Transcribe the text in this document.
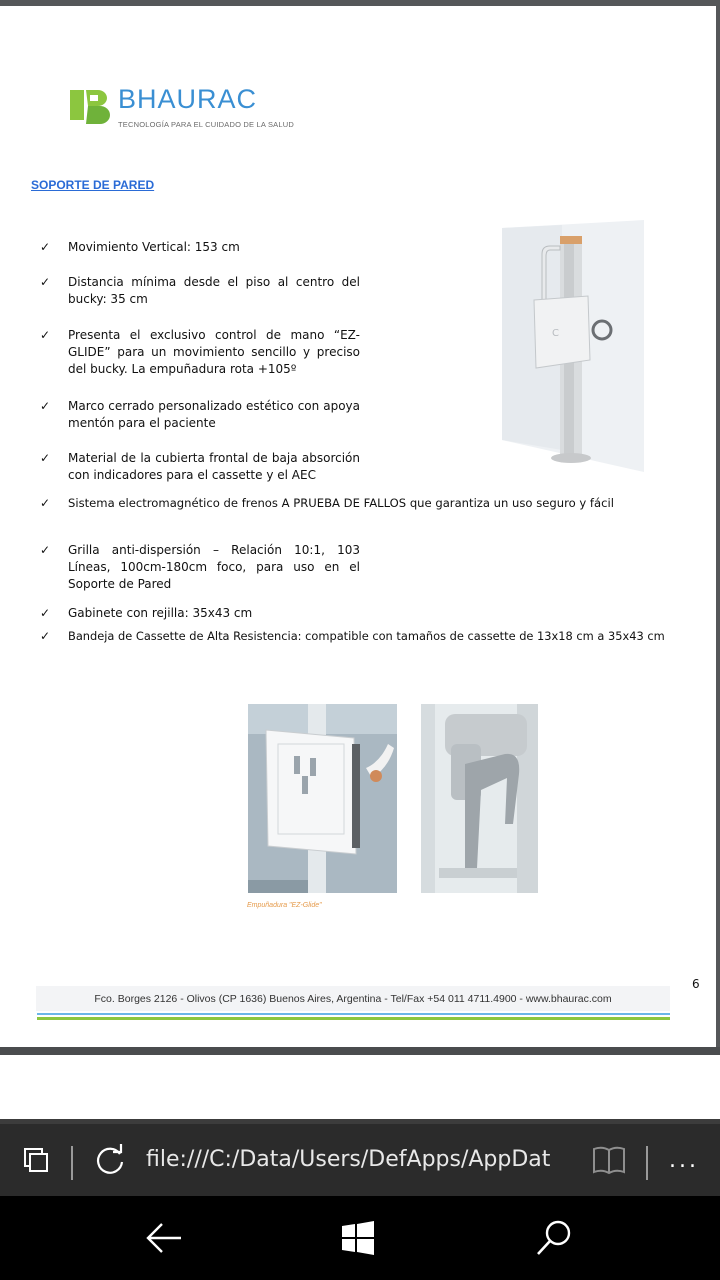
BHAURAC
TECNOLOGÍA PARA EL CUIDADO DE LA SALUD
SOPORTE DE PARED
✓ Movimiento Vertical: 153 cm
✓ Distancia mínima desde el piso al centro del bucky: 35 cm
✓ Presenta el exclusivo control de mano “EZ-GLIDE” para un movimiento sencillo y preciso del bucky. La empuñadura rota +105º
✓ Marco cerrado personalizado estético con apoya mentón para el paciente
✓ Material de la cubierta frontal de baja absorción con indicadores para el cassette y el AEC
✓ Sistema electromagnético de frenos A PRUEBA DE FALLOS que garantiza un uso seguro y fácil
✓ Grilla anti-dispersión – Relación 10:1, 103 Líneas, 100cm-180cm foco, para uso en el Soporte de Pared
✓ Gabinete con rejilla: 35x43 cm
✓ Bandeja de Cassette de Alta Resistencia: compatible con tamaños de cassette de 13x18 cm a 35x43 cm
C
Empuñadura "EZ-Glide"
6
Fco. Borges 2126 - Olivos (CP 1636) Buenos Aires, Argentina - Tel/Fax +54 011 4711.4900 - www.bhaurac.com
file:///C:/Data/Users/DefApps/AppDat	...
